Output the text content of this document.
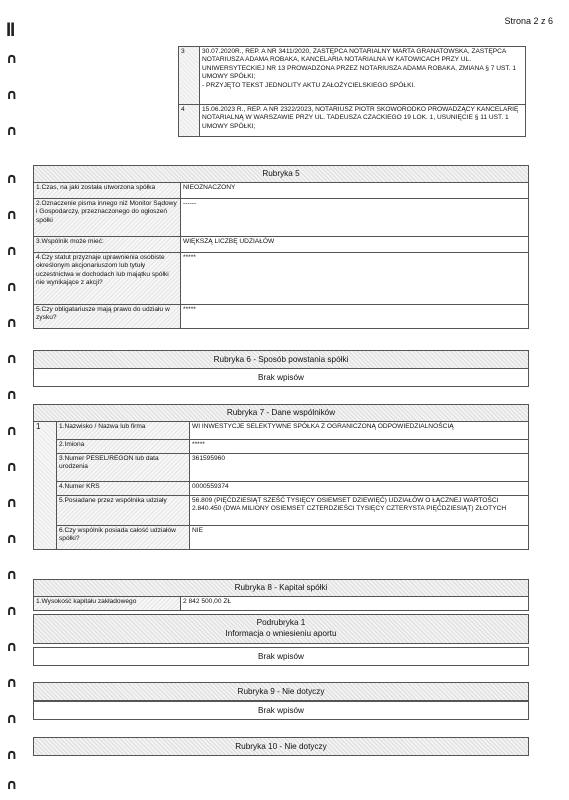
Strona 2 z 6
ǁ
∩
∩
∩
∩
∩
∩
∩
∩
∩
∩
∩
∩
∩
∩
∩
∩
∩
∩
∩
∩
∩
3	30.07.2020R., REP. A NR 3411/2020, ZASTĘPCA NOTARIALNY MARTA GRANATOWSKA, ZASTĘPCA NOTARIUSZA ADAMA ROBAKA, KANCELARIA NOTARIALNA W KATOWICACH PRZY UL. UNIWERSYTECKIEJ NR 13 PROWADZONA PRZEZ NOTARIUSZA ADAMA ROBAKA, ZMIANA § 7 UST. 1 UMOWY SPÓŁKI;
- PRZYJĘTO TEKST JEDNOLITY AKTU ZAŁOŻYCIELSKIEGO SPÓŁKI.
4	15.06.2023 R., REP. A NR 2322/2023, NOTARIUSZ PIOTR SKOWORODKO PROWADZĄCY KANCELARIĘ NOTARIALNĄ W WARSZAWIE PRZY UL. TADEUSZA CZACKIEGO 19 LOK. 1, USUNIĘCIE § 11 UST. 1 UMOWY SPÓŁKI;
Rubryka 5
1.Czas, na jaki została utworzona spółka	NIEOZNACZONY
2.Oznaczenie pisma innego niż Monitor Sądowy i Gospodarczy, przeznaczonego do ogłoszeń spółki	------
3.Wspólnik może mieć:	WIĘKSZĄ LICZBĘ UDZIAŁÓW
4.Czy statut przyznaje uprawnienia osobiste określonym akcjonariuszom lub tytuły uczestnictwa w dochodach lub majątku spółki nie wynikające z akcji?	*****
5.Czy obligatariusze mają prawo do udziału w zysku?	*****
Rubryka 6 - Sposób powstania spółki
Brak wpisów
Rubryka 7 - Dane wspólników
1	1.Nazwisko / Nazwa lub firma	WI INWESTYCJE SELEKTYWNE SPÓŁKA Z OGRANICZONĄ ODPOWIEDZIALNOŚCIĄ
	2.Imiona	*****
	3.Numer PESEL/REGON lub data urodzenia	361595960
	4.Numer KRS	0000559374
	5.Posiadane przez wspólnika udziały	56.809 (PIĘĆDZIESIĄT SZEŚĆ TYSIĘCY OSIEMSET DZIEWIĘĆ) UDZIAŁÓW O ŁĄCZNEJ WARTOŚCI 2.840.450 (DWA MILIONY OSIEMSET CZTERDZIEŚCI TYSIĘCY CZTERYSTA PIĘĆDZIESIĄT) ZŁOTYCH
	6.Czy wspólnik posiada całość udziałów spółki?	NIE
Rubryka 8 - Kapitał spółki
1.Wysokość kapitału zakładowego	2 842 500,00 ZŁ
Podrubryka 1
Informacja o wniesieniu aportu
Brak wpisów
Rubryka 9 - Nie dotyczy
Brak wpisów
Rubryka 10 - Nie dotyczy
